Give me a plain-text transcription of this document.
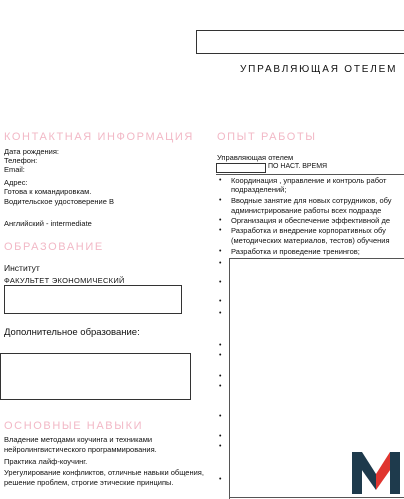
УПРАВЛЯЮЩАЯ ОТЕЛЕМ
КОНТАКТНАЯ ИНФОРМАЦИЯ
Дата рождения:
Телефон:
Email:
Адрес:
Готова к командировкам.
Водительское удостоверение В
Английский - intermediate
ОБРАЗОВАНИЕ
Институт
ФАКУЛЬТЕТ ЭКОНОМИЧЕСКИЙ
Дополнительное образование:
ОСНОВНЫЕ НАВЫКИ
Владение методами коучинга и техниками нейролингвистического программирования.
Практика лайф-коучинг.
Урегулирование конфликтов, отличные навыки общения, решение проблем, строгие этические принципы.
ОПЫТ РАБОТЫ
Управляющая отелем
ПО НАСТ. ВРЕМЯ
• Координация , управление и контроль работ
подразделений;
• Вводные занятие для новых сотрудников, обу
администрирование работы всех подразде
• Организация и обеспечение эффективной де
• Разработка и внедрение корпоративных обу
(методических материалов, тестов) обучения
• Разработка и проведение тренингов;
•
•
•
•
•
•
•
•
•
•
•
•
